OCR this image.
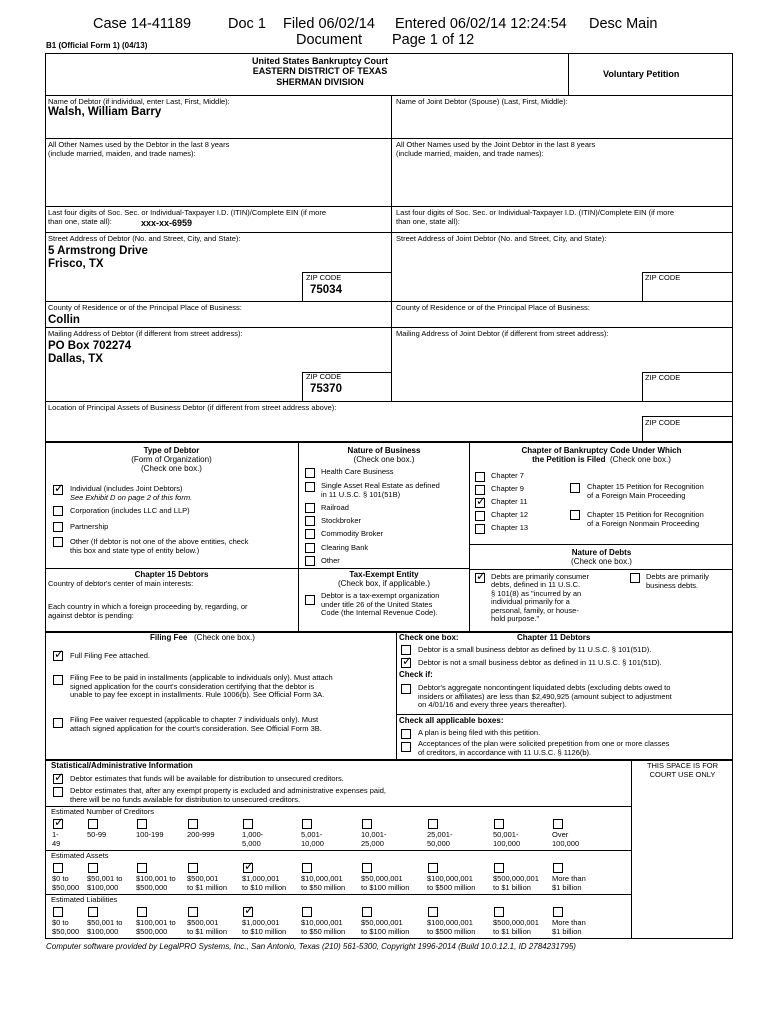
Case 14-41189	Doc 1 Filed 06/02/14 Entered 06/02/14 12:24:54 Desc Main
Document Page 1 of 12
B1 (Official Form 1) (04/13)
United States Bankruptcy Court
EASTERN DISTRICT OF TEXAS
SHERMAN DIVISION
Voluntary Petition
Name of Debtor (if individual, enter Last, First, Middle):
Walsh, William Barry
Name of Joint Debtor (Spouse) (Last, First, Middle):
All Other Names used by the Debtor in the last 8 years
(include married, maiden, and trade names):
All Other Names used by the Joint Debtor in the last 8 years
(include married, maiden, and trade names):
Last four digits of Soc. Sec. or Individual-Taxpayer I.D. (ITIN)/Complete EIN (if more
than one, state all):	xxx-xx-6959
Last four digits of Soc. Sec. or Individual-Taxpayer I.D. (ITIN)/Complete EIN (if more
than one, state all):
Street Address of Debtor (No. and Street, City, and State):
5 Armstrong Drive
Frisco, TX
Street Address of Joint Debtor (No. and Street, City, and State):
ZIP CODE
75034
ZIP CODE
County of Residence or of the Principal Place of Business:
Collin
County of Residence or of the Principal Place of Business:
Mailing Address of Debtor (if different from street address):
PO Box 702274
Dallas, TX
Mailing Address of Joint Debtor (if different from street address):
ZIP CODE
75370
ZIP CODE
Location of Principal Assets of Business Debtor (if different from street address above):
ZIP CODE
Type of Debtor
(Form of Organization)
(Check one box.)
✓
Individual (includes Joint Debtors)
See Exhibit D on page 2 of this form.
Corporation (includes LLC and LLP)
Partnership
Other (If debtor is not one of the above entities, check
this box and state type of entity below.)
Nature of Business
(Check one box.)
Health Care Business
Single Asset Real Estate as defined
in 11 U.S.C. § 101(51B)
Railroad
Stockbroker
Commodity Broker
Clearing Bank
Other
Chapter of Bankruptcy Code Under Which
the Petition is Filed (Check one box.)
Chapter 7
Chapter 9
✓
Chapter 11
Chapter 12
Chapter 13
Chapter 15 Petition for Recognition
of a Foreign Main Proceeding
Chapter 15 Petition for Recognition
of a Foreign Nonmain Proceeding
Nature of Debts
(Check one box.)
✓
Debts are primarily consumer
debts, defined in 11 U.S.C.
§ 101(8) as "incurred by an
individual primarily for a
personal, family, or house-
hold purpose."
Debts are primarily
business debts.
Chapter 15 Debtors
Country of debtor's center of main interests:
Each country in which a foreign proceeding by, regarding, or
against debtor is pending:
Tax-Exempt Entity
(Check box, if applicable.)
Debtor is a tax-exempt organization
under title 26 of the United States
Code (the Internal Revenue Code).
Filing Fee (Check one box.)
✓
Full Filing Fee attached.
Filing Fee to be paid in installments (applicable to individuals only). Must attach
signed application for the court's consideration certifying that the debtor is
unable to pay fee except in installments. Rule 1006(b). See Official Form 3A.
Filing Fee waiver requested (applicable to chapter 7 individuals only). Must
attach signed application for the court's consideration. See Official Form 3B.
Check one box:	Chapter 11 Debtors
Debtor is a small business debtor as defined by 11 U.S.C. § 101(51D).
✓
Debtor is not a small business debtor as defined in 11 U.S.C. § 101(51D).
Check if:
Debtor's aggregate noncontingent liquidated debts (excluding debts owed to
insiders or affiliates) are less than $2,490,925 (amount subject to adjustment
on 4/01/16 and every three years thereafter).
Check all applicable boxes:
A plan is being filed with this petition.
Acceptances of the plan were solicited prepetition from one or more classes
of creditors, in accordance with 11 U.S.C. § 1126(b).
Statistical/Administrative Information	THIS SPACE IS FOR
COURT USE ONLY
✓
Debtor estimates that funds will be available for distribution to unsecured creditors.
Debtor estimates that, after any exempt property is excluded and administrative expenses paid,
there will be no funds available for distribution to unsecured creditors.
Estimated Number of Creditors
✓
1-
49
50-99	100-199	200-999	1,000-
5,000
5,001-
10,000
10,001-
25,000
25,001-
50,000
50,001-
100,000
Over
100,000
Estimated Assets
$0 to
$50,000
$50,001 to
$100,000
$100,001 to
$500,000
$500,001
to $1 million
✓
$1,000,001
to $10 million
$10,000,001
to $50 million
$50,000,001
to $100 million
$100,000,001
to $500 million
$500,000,001
to $1 billion
More than
$1 billion
Estimated Liabilities
$0 to
$50,000
$50,001 to
$100,000
$100,001 to
$500,000
$500,001
to $1 million
✓
$1,000,001
to $10 million
$10,000,001
to $50 million
$50,000,001
to $100 million
$100,000,001
to $500 million
$500,000,001
to $1 billion
More than
$1 billion
Computer software provided by LegalPRO Systems, Inc., San Antonio, Texas (210) 561-5300, Copyright 1996-2014 (Build 10.0.12.1, ID 2784231795)
